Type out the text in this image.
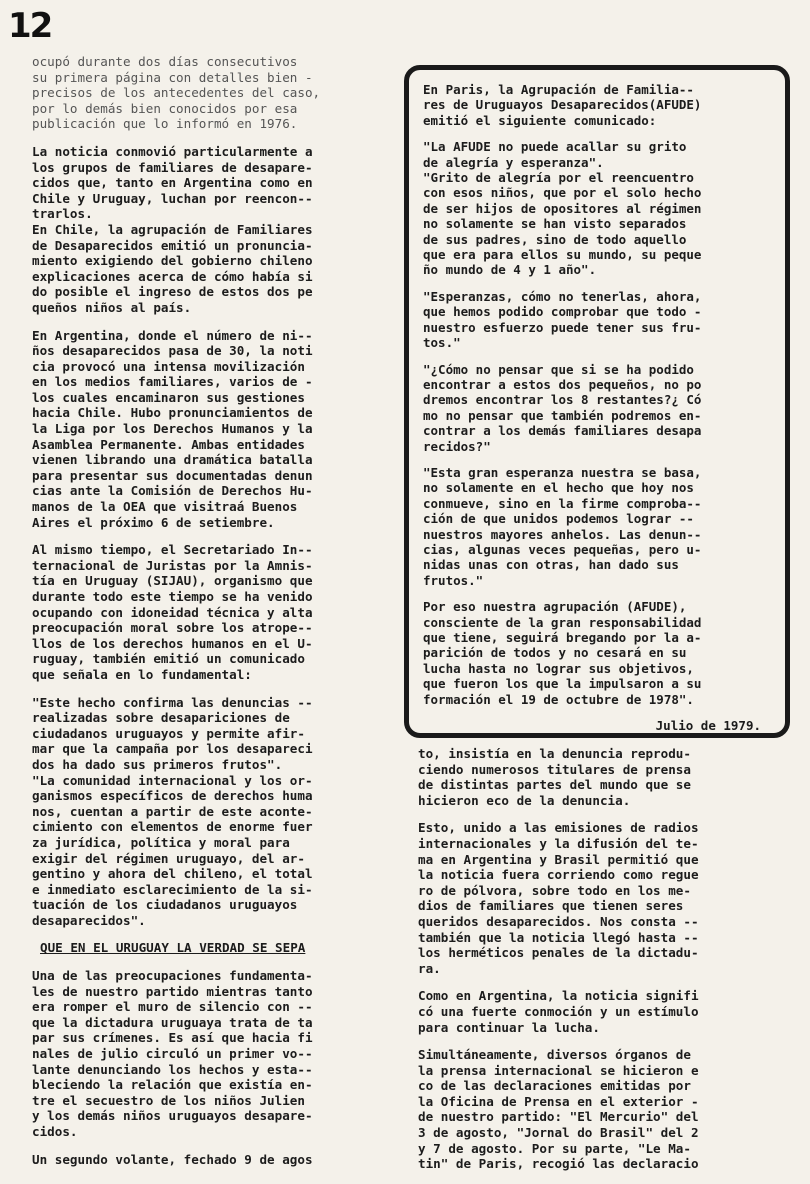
12

ocupó durante dos días consecutivos
su primera página con detalles bien -
precisos de los antecedentes del caso,
por lo demás bien conocidos por esa
publicación que lo informó en 1976.

La noticia conmovió particularmente a
los grupos de familiares de desapare-
cidos que, tanto en Argentina como en
Chile y Uruguay, luchan por reencon--
trarlos.
En Chile, la agrupación de Familiares
de Desaparecidos emitió un pronuncia-
miento exigiendo del gobierno chileno
explicaciones acerca de cómo había si
do posible el ingreso de estos dos pe
queños niños al país.

En Argentina, donde el número de ni--
ños desaparecidos pasa de 30, la noti
cia provocó una intensa movilización
en los medios familiares, varios de -
los cuales encaminaron sus gestiones
hacia Chile. Hubo pronunciamientos de
la Liga por los Derechos Humanos y la
Asamblea Permanente. Ambas entidades
vienen librando una dramática batalla
para presentar sus documentadas denun
cias ante la Comisión de Derechos Hu-
manos de la OEA que visitraá Buenos
Aires el próximo 6 de setiembre.

Al mismo tiempo, el Secretariado In--
ternacional de Juristas por la Amnis-
tía en Uruguay (SIJAU), organismo que
durante todo este tiempo se ha venido
ocupando con idoneidad técnica y alta
preocupación moral sobre los atrope--
llos de los derechos humanos en el U-
ruguay, también emitió un comunicado
que señala en lo fundamental:

"Este hecho confirma las denuncias --
realizadas sobre desapariciones de
ciudadanos uruguayos y permite afir-
mar que la campaña por los desapareci
dos ha dado sus primeros frutos".
"La comunidad internacional y los or-
ganismos específicos de derechos huma
nos, cuentan a partir de este aconte-
cimiento con elementos de enorme fuer
za jurídica, política y moral para
exigir del régimen uruguayo, del ar-
gentino y ahora del chileno, el total
e inmediato esclarecimiento de la si-
tuación de los ciudadanos uruguayos
desaparecidos".

QUE EN EL URUGUAY LA VERDAD SE SEPA

Una de las preocupaciones fundamenta-
les de nuestro partido mientras tanto
era romper el muro de silencio con --
que la dictadura uruguaya trata de ta
par sus crímenes. Es así que hacia fi
nales de julio circuló un primer vo--
lante denunciando los hechos y esta--
bleciendo la relación que existía en-
tre el secuestro de los niños Julien
y los demás niños uruguayos desapare-
cidos.

Un segundo volante, fechado 9 de agos

En Paris, la Agrupación de Familia--
res de Uruguayos Desaparecidos(AFUDE)
emitió el siguiente comunicado:

"La AFUDE no puede acallar su grito
de alegría y esperanza".
"Grito de alegría por el reencuentro
con esos niños, que por el solo hecho
de ser hijos de opositores al régimen
no solamente se han visto separados
de sus padres, sino de todo aquello
que era para ellos su mundo, su peque
ño mundo de 4 y 1 año".

"Esperanzas, cómo no tenerlas, ahora,
que hemos podido comprobar que todo -
nuestro esfuerzo puede tener sus fru-
tos."

"¿Cómo no pensar que si se ha podido
encontrar a estos dos pequeños, no po
dremos encontrar los 8 restantes?¿ Có
mo no pensar que también podremos en-
contrar a los demás familiares desapa
recidos?"

"Esta gran esperanza nuestra se basa,
no solamente en el hecho que hoy nos
conmueve, sino en la firme comproba--
ción de que unidos podemos lograr --
nuestros mayores anhelos. Las denun--
cias, algunas veces pequeñas, pero u-
nidas unas con otras, han dado sus
frutos."

Por eso nuestra agrupación (AFUDE),
consciente de la gran responsabilidad
que tiene, seguirá bregando por la a-
parición de todos y no cesará en su
lucha hasta no lograr sus objetivos,
que fueron los que la impulsaron a su
formación el 19 de octubre de 1978".

Julio de 1979.

to, insistía en la denuncia reprodu-
ciendo numerosos titulares de prensa
de distintas partes del mundo que se
hicieron eco de la denuncia.

Esto, unido a las emisiones de radios
internacionales y la difusión del te-
ma en Argentina y Brasil permitió que
la noticia fuera corriendo como regue
ro de pólvora, sobre todo en los me-
dios de familiares que tienen seres
queridos desaparecidos. Nos consta --
también que la noticia llegó hasta --
los herméticos penales de la dictadu-
ra.

Como en Argentina, la noticia signifi
có una fuerte conmoción y un estímulo
para continuar la lucha.

Simultáneamente, diversos órganos de
la prensa internacional se hicieron e
co de las declaraciones emitidas por
la Oficina de Prensa en el exterior -
de nuestro partido: "El Mercurio" del
3 de agosto, "Jornal do Brasil" del 2
y 7 de agosto. Por su parte, "Le Ma-
tin" de Paris, recogió las declaracio
